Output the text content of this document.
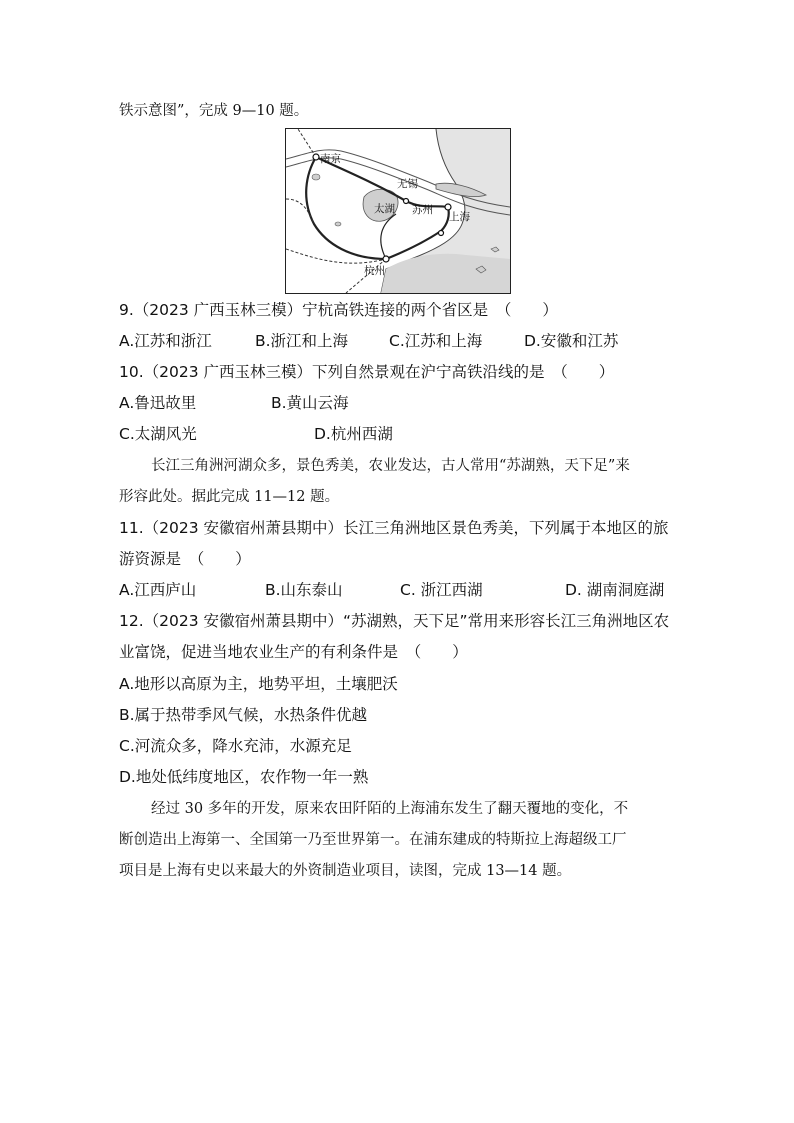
铁示意图”，完成 9—10 题。
南京
无锡
太湖 苏州
上海
杭州
9.（2023 广西玉林三模）宁杭高铁连接的两个省区是　（　　）
A.江苏和浙江	B.浙江和上海	C.江苏和上海	D.安徽和江苏
10.（2023 广西玉林三模）下列自然景观在沪宁高铁沿线的是　（　　）
A.鲁迅故里	B.黄山云海
C.太湖风光	D.杭州西湖
长江三角洲河湖众多，景色秀美，农业发达，古人常用“苏湖熟，天下足”来
形容此处。据此完成 11—12 题。
11.（2023 安徽宿州萧县期中）长江三角洲地区景色秀美，下列属于本地区的旅
游资源是　（　　）
A.江西庐山	B.山东泰山	C. 浙江西湖	D. 湖南洞庭湖
12.（2023 安徽宿州萧县期中）“苏湖熟，天下足”常用来形容长江三角洲地区农
业富饶，促进当地农业生产的有利条件是　（　　）
A.地形以高原为主，地势平坦，土壤肥沃
B.属于热带季风气候，水热条件优越
C.河流众多，降水充沛，水源充足
D.地处低纬度地区，农作物一年一熟
经过 30 多年的开发，原来农田阡陌的上海浦东发生了翻天覆地的变化，不
断创造出上海第一、全国第一乃至世界第一。在浦东建成的特斯拉上海超级工厂
项目是上海有史以来最大的外资制造业项目，读图，完成 13—14 题。
